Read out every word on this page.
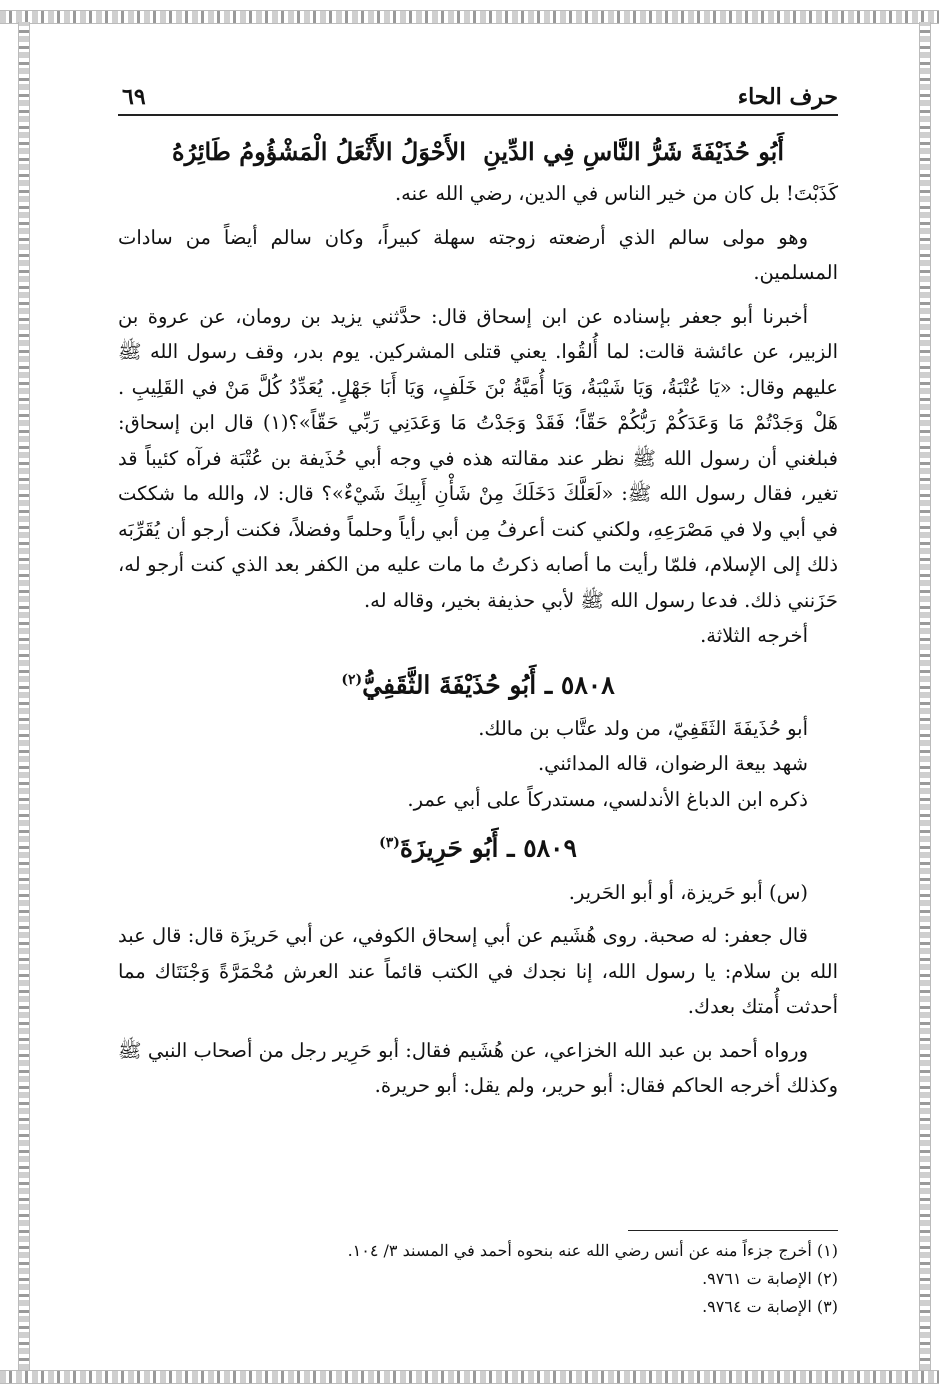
حرف الحاء
٦٩
أَبُو حُذَيْفَةَ شَرُّ النَّاسِ فِي الدِّينِ
الأَحْوَلُ الأَثْعَلُ الْمَشْؤُومُ طَائِرُهُ

كَذَبْتَ! بل كان من خير الناس في الدين، رضي الله عنه.

وهو مولى سالم الذي أرضعته زوجته سهلة كبيراً، وكان سالم أيضاً من سادات المسلمين.

أخبرنا أبو جعفر بإسناده عن ابن إسحاق قال: حدَّثني يزيد بن رومان، عن عروة بن الزبير، عن عائشة قالت: لما أُلقُوا. يعني قتلى المشركين. يوم بدر، وقف رسول الله ﷺ عليهم وقال: «يَا عُتْبَةُ، وَيَا شَيْبَةُ، وَيَا أُمَيَّةُ بْنَ خَلَفٍ، وَيَا أَبَا جَهْلٍ. يُعَدِّدُ كُلَّ مَنْ في القَلِيبِ . هَلْ وَجَدْتُمْ مَا وَعَدَكُمْ رَبُّكُمْ حَقّاً؛ فَقَدْ وَجَدْتُ مَا وَعَدَنِي رَبِّي حَقّاً»؟(١) قال ابن إسحاق: فبلغني أن رسول الله ﷺ نظر عند مقالته هذه في وجه أبي حُذَيفة بن عُتْبَة فرآه كئيباً قد تغير، فقال رسول الله ﷺ: «لَعَلَّكَ دَخَلَكَ مِنْ شَأْنِ أَبِيكَ شَيْءٌ»؟ قال: لا، والله ما شككت في أبي ولا في مَصْرَعِهِ، ولكني كنت أعرفُ مِن أبي رأياً وحلماً وفضلاً، فكنت أرجو أن يُقَرِّبَه ذلك إلى الإسلام، فلمّا رأيت ما أصابه ذكرتُ ما مات عليه من الكفر بعد الذي كنت أرجو له، حَزَنني ذلك. فدعا رسول الله ﷺ لأبي حذيفة بخير، وقاله له.

أخرجه الثلاثة.

٥٨٠٨ ـ أَبُو حُذَيْفَةَ الثَّقَفِيُّ$^{(٢)}$

أبو حُذَيفَةَ الثَقَفِيّ، من ولد عتَّاب بن مالك.

شهد بيعة الرضوان، قاله المدائني.

ذكره ابن الدباغ الأندلسي، مستدركاً على أبي عمر.

٥٨٠٩ ـ أَبُو حَرِيزَةَ$^{(٣)}$

(س) أبو حَريزة، أو أبو الحَرير.

قال جعفر: له صحبة. روى هُشَيم عن أبي إسحاق الكوفي، عن أبي حَريزَة قال: قال عبد الله بن سلام: يا رسول الله، إنا نجدك في الكتب قائماً عند العرش مُحْمَرَّةً وَجْنَتَاك مما أحدثت أُمتك بعدك.

ورواه أحمد بن عبد الله الخزاعي، عن هُشَيم فقال: أبو حَرِير رجل من أصحاب النبي ﷺ وكذلك أخرجه الحاكم فقال: أبو حرير، ولم يقل: أبو حريرة.

(١) أخرج جزءاً منه عن أنس رضي الله عنه بنحوه أحمد في المسند ٣/ ١٠٤.

(٢) الإصابة ت ٩٧٦١.

(٣) الإصابة ت ٩٧٦٤.
